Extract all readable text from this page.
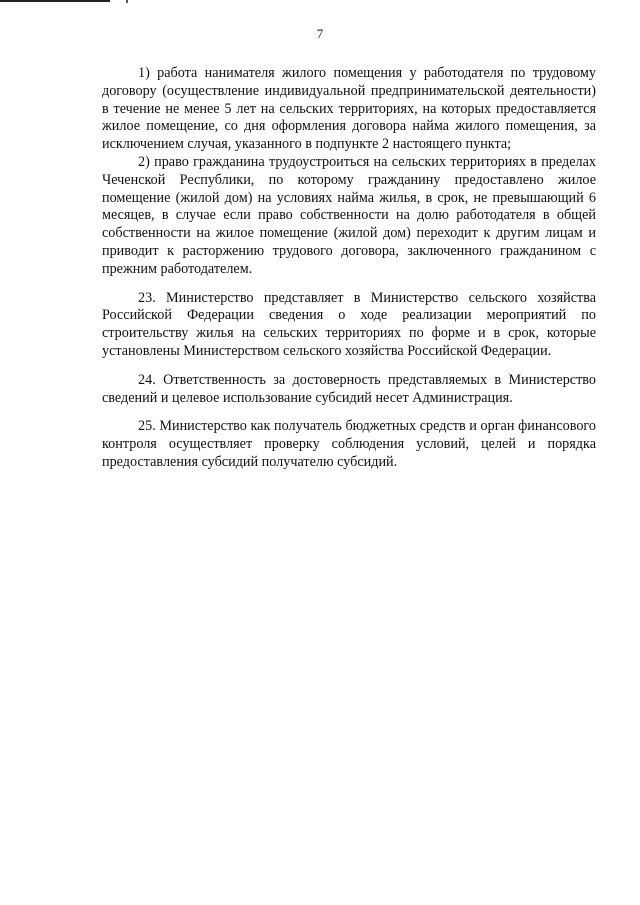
7

1) работа нанимателя жилого помещения у работодателя по трудовому договору (осуществление индивидуальной предпринимательской деятельности) в течение не менее 5 лет на сельских территориях, на которых предоставляется жилое помещение, со дня оформления договора найма жилого помещения, за исключением случая, указанного в подпункте 2 настоящего пункта;

2) право гражданина трудоустроиться на сельских территориях в пределах Чеченской Республики, по которому гражданину предоставлено жилое помещение (жилой дом) на условиях найма жилья, в срок, не превышающий 6 месяцев, в случае если право собственности на долю работодателя в общей собственности на жилое помещение (жилой дом) переходит к другим лицам и приводит к расторжению трудового договора, заключенного гражданином с прежним работодателем.

23. Министерство представляет в Министерство сельского хозяйства Российской Федерации сведения о ходе реализации мероприятий по строительству жилья на сельских территориях по форме и в срок, которые установлены Министерством сельского хозяйства Российской Федерации.

24. Ответственность за достоверность представляемых в Министерство сведений и целевое использование субсидий несет Администрация.

25. Министерство как получатель бюджетных средств и орган финансового контроля осуществляет проверку соблюдения условий, целей и порядка предоставления субсидий получателю субсидий.
